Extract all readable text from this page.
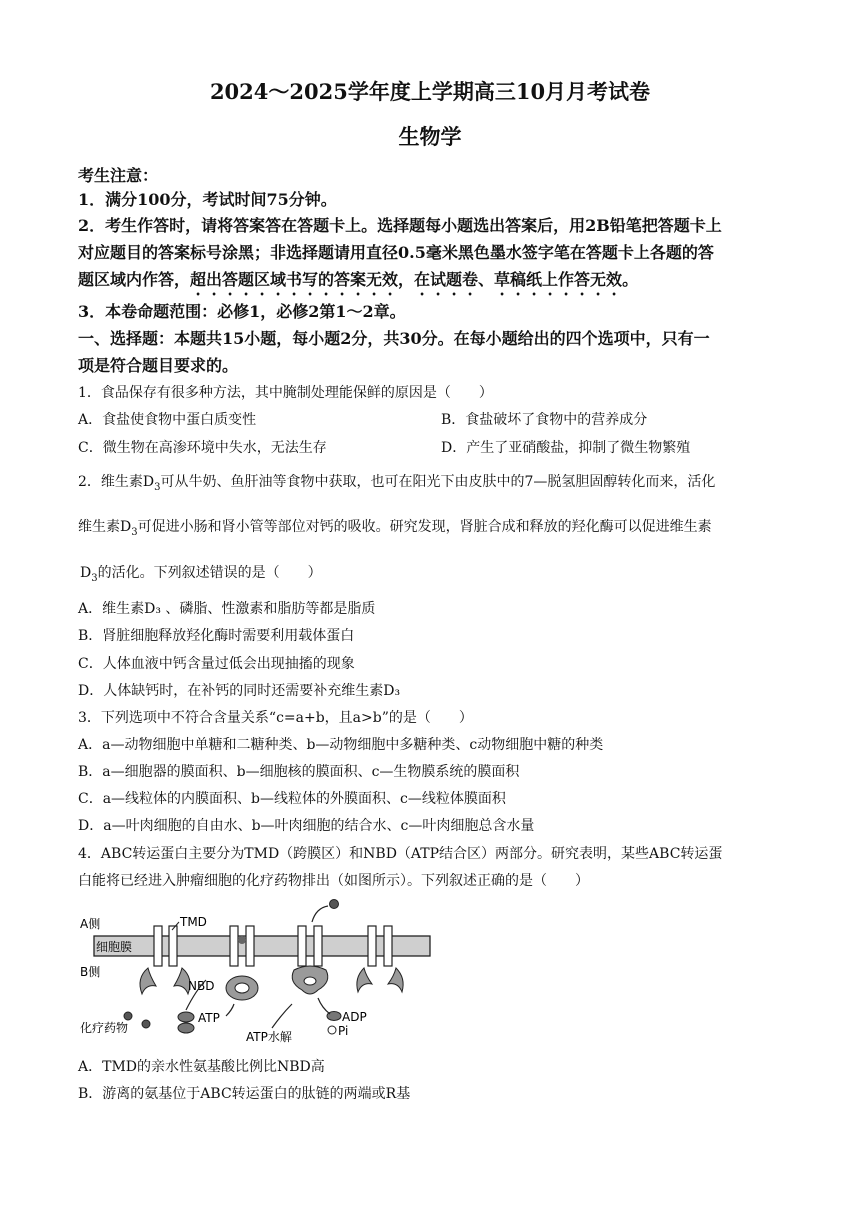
2024～2025学年度上学期高三10月月考试卷
生物学
考生注意：
1．满分100分，考试时间75分钟。
2．考生作答时，请将答案答在答题卡上。选择题每小题选出答案后，用2B铅笔把答题卡上
对应题目的答案标号涂黑；非选择题请用直径0.5毫米黑色墨水签字笔在答题卡上各题的答
题区域内作答，超出答题区域书写的答案无效，在试题卷、草稿纸上作答无效。
3．本卷命题范围：必修1，必修2第1～2章。
一、选择题：本题共15小题，每小题2分，共30分。在每小题给出的四个选项中，只有一
项是符合题目要求的。
1．食品保存有很多种方法，其中腌制处理能保鲜的原因是（　　）
A．食盐使食物中蛋白质变性	B．食盐破坏了食物中的营养成分
C．微生物在高渗环境中失水，无法生存	D．产生了亚硝酸盐，抑制了微生物繁殖
2．维生素$D_3$可从牛奶、鱼肝油等食物中获取，也可在阳光下由皮肤中的7—脱氢胆固醇转化而来，活化
维生素$D_3$可促进小肠和肾小管等部位对钙的吸收。研究发现，肾脏合成和释放的羟化酶可以促进维生素
$D_3$的活化。下列叙述错误的是（　　）
A．维生素D₃ 、磷脂、性激素和脂肪等都是脂质
B．肾脏细胞释放羟化酶时需要利用载体蛋白
C．人体血液中钙含量过低会出现抽搐的现象
D．人体缺钙时，在补钙的同时还需要补充维生素D₃
3．下列选项中不符合含量关系“c=a+b，且a>b”的是（　　）
A．a—动物细胞中单糖和二糖种类、b—动物细胞中多糖种类、c动物细胞中糖的种类
B．a—细胞器的膜面积、b—细胞核的膜面积、c—生物膜系统的膜面积
C．a—线粒体的内膜面积、b—线粒体的外膜面积、c—线粒体膜面积
D．a—叶肉细胞的自由水、b—叶肉细胞的结合水、c—叶肉细胞总含水量
4．ABC转运蛋白主要分为TMD（跨膜区）和NBD（ATP结合区）两部分。研究表明，某些ABC转运蛋
白能将已经进入肿瘤细胞的化疗药物排出（如图所示）。下列叙述正确的是（　　）
A侧
细胞膜
B侧
TMD
NBD
化疗药物
ATP
ATP水解
ADP
Pi
A．TMD的亲水性氨基酸比例比NBD高
B．游离的氨基位于ABC转运蛋白的肽链的两端或R基
